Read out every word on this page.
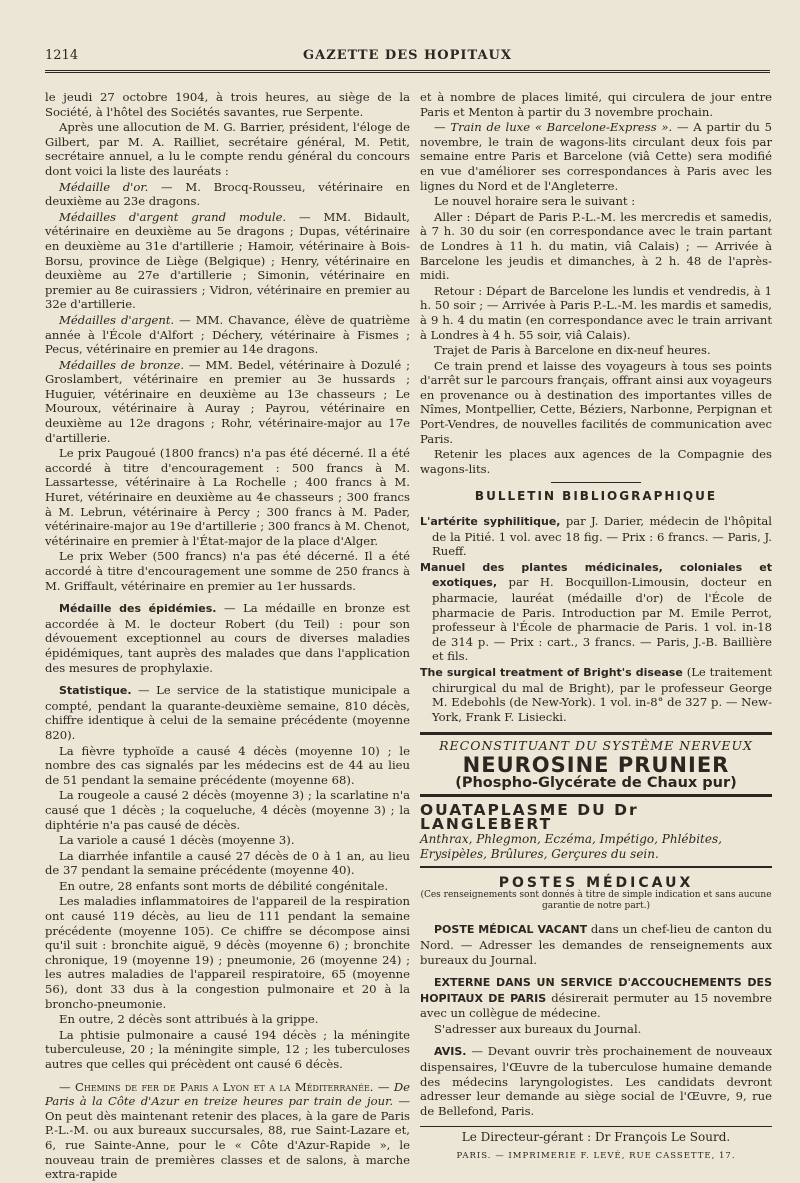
1214	GAZETTE DES HOPITAUX

le jeudi 27 octobre 1904, à trois heures, au siège de la Société, à l'hôtel des Sociétés savantes, rue Serpente.

Après une allocution de M. G. Barrier, président, l'éloge de Gilbert, par M. A. Railliet, secrétaire général, M. Petit, secrétaire annuel, a lu le compte rendu général du concours dont voici la liste des lauréats :

Médaille d'or. — M. Brocq-Rousseu, vétérinaire en deuxième au 23e dragons.

Médailles d'argent grand module. — MM. Bidault, vétérinaire en deuxième au 5e dragons ; Dupas, vétérinaire en deuxième au 31e d'artillerie ; Hamoir, vétérinaire à Bois-Borsu, province de Liège (Belgique) ; Henry, vétérinaire en deuxième au 27e d'artillerie ; Simonin, vétérinaire en premier au 8e cuirassiers ; Vidron, vétérinaire en premier au 32e d'artillerie.

Médailles d'argent. — MM. Chavance, élève de quatrième année à l'École d'Alfort ; Déchery, vétérinaire à Fismes ; Pecus, vétérinaire en premier au 14e dragons.

Médailles de bronze. — MM. Bedel, vétérinaire à Dozulé ; Groslambert, vétérinaire en premier au 3e hussards ; Huguier, vétérinaire en deuxième au 13e chasseurs ; Le Mouroux, vétérinaire à Auray ; Payrou, vétérinaire en deuxième au 12e dragons ; Rohr, vétérinaire-major au 17e d'artillerie.

Le prix Paugoué (1800 francs) n'a pas été décerné. Il a été accordé à titre d'encouragement : 500 francs à M. Lassartesse, vétérinaire à La Rochelle ; 400 francs à M. Huret, vétérinaire en deuxième au 4e chasseurs ; 300 francs à M. Lebrun, vétérinaire à Percy ; 300 francs à M. Pader, vétérinaire-major au 19e d'artillerie ; 300 francs à M. Chenot, vétérinaire en premier à l'État-major de la place d'Alger.

Le prix Weber (500 francs) n'a pas été décerné. Il a été accordé à titre d'encouragement une somme de 250 francs à M. Griffault, vétérinaire en premier au 1er hussards.

Médaille des épidémies. — La médaille en bronze est accordée à M. le docteur Robert (du Teil) : pour son dévouement exceptionnel au cours de diverses maladies épidémiques, tant auprès des malades que dans l'application des mesures de prophylaxie.

Statistique. — Le service de la statistique municipale a compté, pendant la quarante-deuxième semaine, 810 décès, chiffre identique à celui de la semaine précédente (moyenne 820).

La fièvre typhoïde a causé 4 décès (moyenne 10) ; le nombre des cas signalés par les médecins est de 44 au lieu de 51 pendant la semaine précédente (moyenne 68).

La rougeole a causé 2 décès (moyenne 3) ; la scarlatine n'a causé que 1 décès ; la coqueluche, 4 décès (moyenne 3) ; la diphtérie n'a pas causé de décès.

La variole a causé 1 décès (moyenne 3).

La diarrhée infantile a causé 27 décès de 0 à 1 an, au lieu de 37 pendant la semaine précédente (moyenne 40).

En outre, 28 enfants sont morts de débilité congénitale.

Les maladies inflammatoires de l'appareil de la respiration ont causé 119 décès, au lieu de 111 pendant la semaine précédente (moyenne 105). Ce chiffre se décompose ainsi qu'il suit : bronchite aiguë, 9 décès (moyenne 6) ; bronchite chronique, 19 (moyenne 19) ; pneumonie, 26 (moyenne 24) ; les autres maladies de l'appareil respiratoire, 65 (moyenne 56), dont 33 dus à la congestion pulmonaire et 20 à la broncho-pneumonie.

En outre, 2 décès sont attribués à la grippe.

La phtisie pulmonaire a causé 194 décès ; la méningite tuberculeuse, 20 ; la méningite simple, 12 ; les tuberculoses autres que celles qui précèdent ont causé 6 décès.

— Chemins de fer de Paris a Lyon et a la Méditerranée. — De Paris à la Côte d'Azur en treize heures par train de jour. — On peut dès maintenant retenir des places, à la gare de Paris P.-L.-M. ou aux bureaux succursales, 88, rue Saint-Lazare et, 6, rue Sainte-Anne, pour le « Côte d'Azur-Rapide », le nouveau train de premières classes et de salons, à marche extra-rapide

et à nombre de places limité, qui circulera de jour entre Paris et Menton à partir du 3 novembre prochain.

— Train de luxe « Barcelone-Express ». — A partir du 5 novembre, le train de wagons-lits circulant deux fois par semaine entre Paris et Barcelone (viâ Cette) sera modifié en vue d'améliorer ses correspondances à Paris avec les lignes du Nord et de l'Angleterre.

Le nouvel horaire sera le suivant :

Aller : Départ de Paris P.-L.-M. les mercredis et samedis, à 7 h. 30 du soir (en correspondance avec le train partant de Londres à 11 h. du matin, viâ Calais) ; — Arrivée à Barcelone les jeudis et dimanches, à 2 h. 48 de l'après-midi.

Retour : Départ de Barcelone les lundis et vendredis, à 1 h. 50 soir ; — Arrivée à Paris P.-L.-M. les mardis et samedis, à 9 h. 4 du matin (en correspondance avec le train arrivant à Londres à 4 h. 55 soir, viâ Calais).

Trajet de Paris à Barcelone en dix-neuf heures.

Ce train prend et laisse des voyageurs à tous ses points d'arrêt sur le parcours français, offrant ainsi aux voyageurs en provenance ou à destination des importantes villes de Nîmes, Montpellier, Cette, Béziers, Narbonne, Perpignan et Port-Vendres, de nouvelles facilités de communication avec Paris.

Retenir les places aux agences de la Compagnie des wagons-lits.

BULLETIN BIBLIOGRAPHIQUE

L'artérite syphilitique, par J. Darier, médecin de l'hôpital de la Pitié. 1 vol. avec 18 fig. — Prix : 6 francs. — Paris, J. Rueff.

Manuel des plantes médicinales, coloniales et exotiques, par H. Bocquillon-Limousin, docteur en pharmacie, lauréat (médaille d'or) de l'École de pharmacie de Paris. Introduction par M. Emile Perrot, professeur à l'École de pharmacie de Paris. 1 vol. in-18 de 314 p. — Prix : cart., 3 francs. — Paris, J.-B. Baillière et fils.

The surgical treatment of Bright's disease (Le traitement chirurgical du mal de Bright), par le professeur George M. Edebohls (de New-York). 1 vol. in-8° de 327 p. — New-York, Frank F. Lisiecki.

RECONSTITUANT DU SYSTÈME NERVEUX
NEUROSINE PRUNIER
(Phospho-Glycérate de Chaux pur)
OUATAPLASME DU Dr LANGLEBERT
Anthrax, Phlegmon, Eczéma, Impétigo, Phlébites, Erysipèles, Brûlures, Gerçures du sein.
POSTES MÉDICAUX
(Ces renseignements sont donnés à titre de simple indication et sans aucune garantie de notre part.)

POSTE MÉDICAL VACANT dans un chef-lieu de canton du Nord. — Adresser les demandes de renseignements aux bureaux du Journal.

EXTERNE DANS UN SERVICE D'ACCOUCHEMENTS DES HOPITAUX DE PARIS désirerait permuter au 15 novembre avec un collègue de médecine.

S'adresser aux bureaux du Journal.

AVIS. — Devant ouvrir très prochainement de nouveaux dispensaires, l'Œuvre de la tuberculose humaine demande des médecins laryngologistes. Les candidats devront adresser leur demande au siège social de l'Œuvre, 9, rue de Bellefond, Paris.

Le Directeur-gérant : Dr François Le Sourd.
PARIS. — IMPRIMERIE F. LEVÉ, RUE CASSETTE, 17.
